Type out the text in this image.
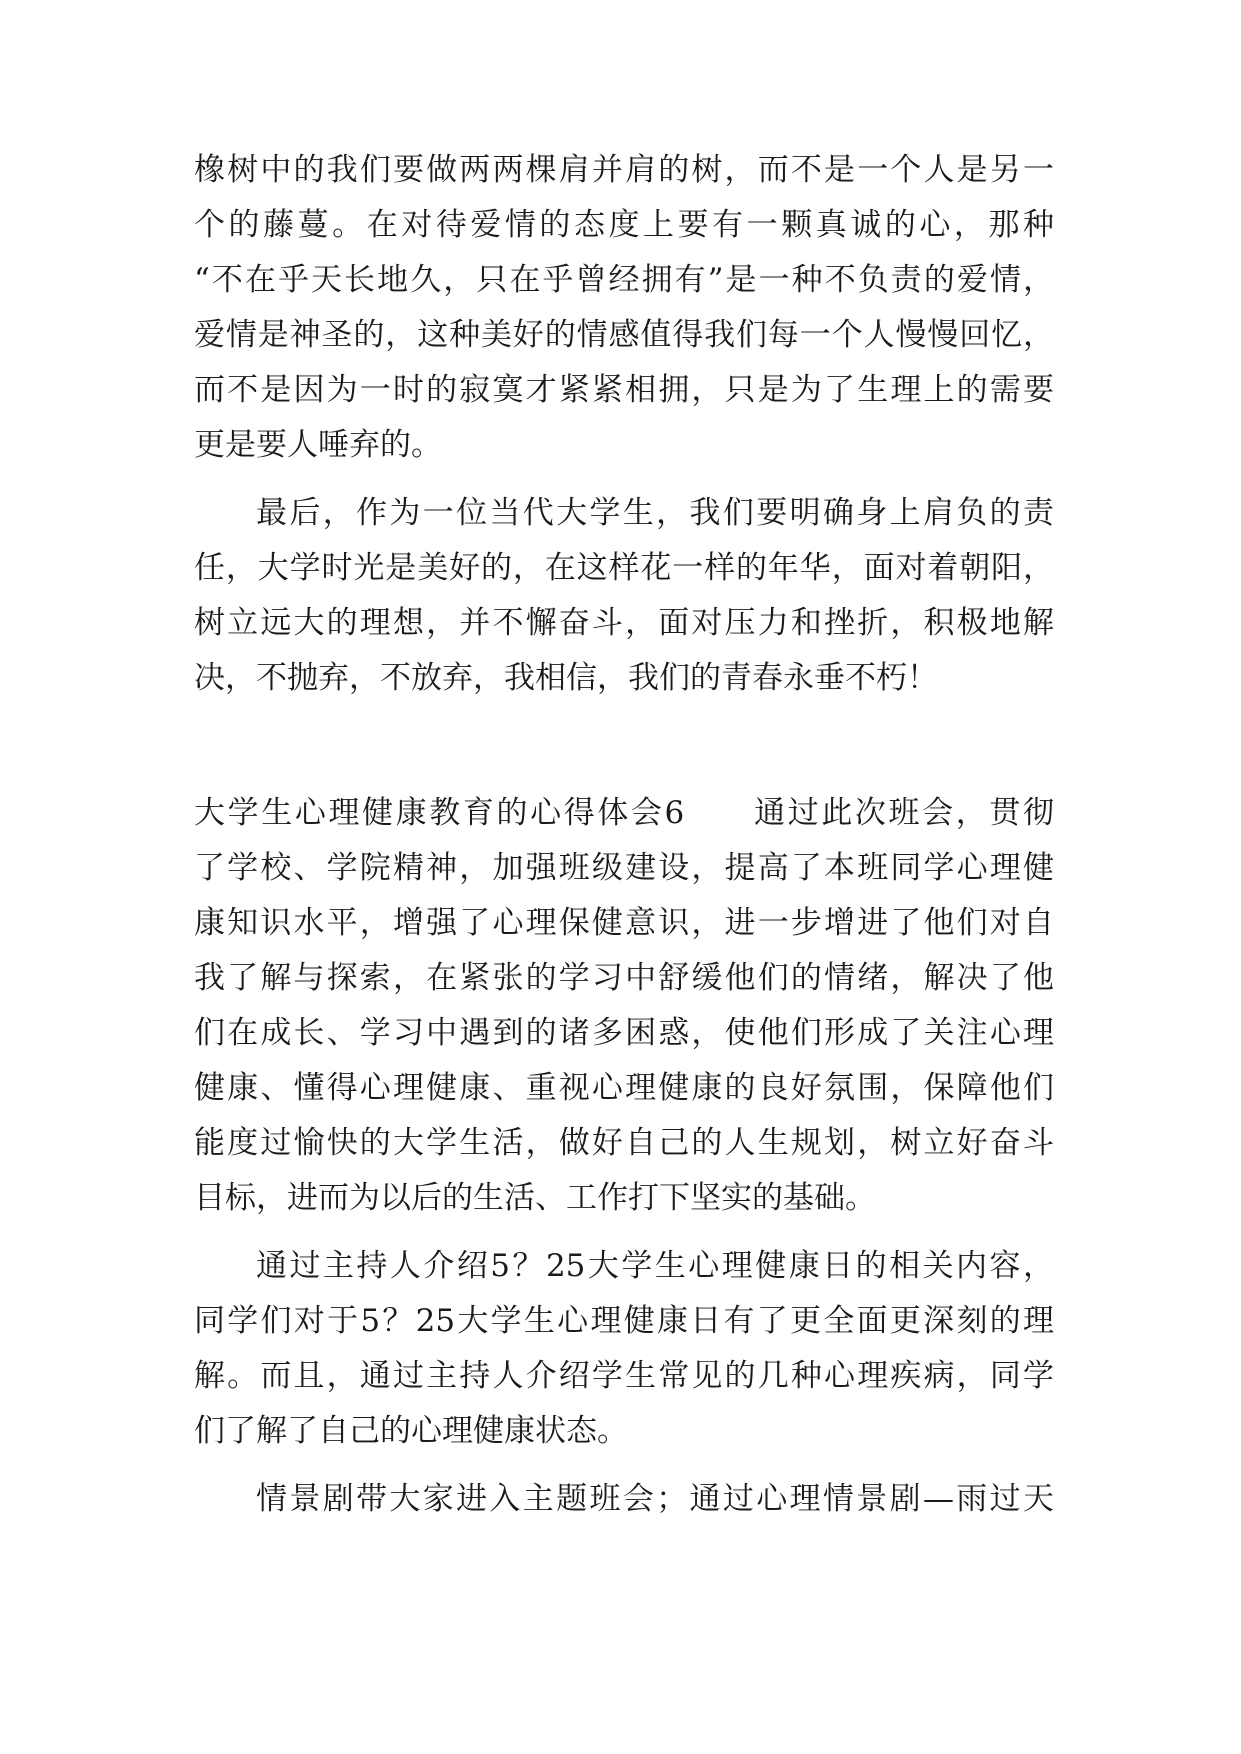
橡树中的我们要做两两棵肩并肩的树，而不是一个人是另一
个的藤蔓。在对待爱情的态度上要有一颗真诚的心，那种
“不在乎天长地久，只在乎曾经拥有”是一种不负责的爱情，
爱情是神圣的，这种美好的情感值得我们每一个人慢慢回忆，
而不是因为一时的寂寞才紧紧相拥，只是为了生理上的需要
更是要人唾弃的。
最后，作为一位当代大学生，我们要明确身上肩负的责
任，大学时光是美好的，在这样花一样的年华，面对着朝阳，
树立远大的理想，并不懈奋斗，面对压力和挫折，积极地解
决，不抛弃，不放弃，我相信，我们的青春永垂不朽！
大学生心理健康教育的心得体会6　　通过此次班会，贯彻
了学校、学院精神，加强班级建设，提高了本班同学心理健
康知识水平，增强了心理保健意识，进一步增进了他们对自
我了解与探索，在紧张的学习中舒缓他们的情绪，解决了他
们在成长、学习中遇到的诸多困惑，使他们形成了关注心理
健康、懂得心理健康、重视心理健康的良好氛围，保障他们
能度过愉快的大学生活，做好自己的人生规划，树立好奋斗
目标，进而为以后的生活、工作打下坚实的基础。
通过主持人介绍5？25大学生心理健康日的相关内容，
同学们对于5？25大学生心理健康日有了更全面更深刻的理
解。而且，通过主持人介绍学生常见的几种心理疾病，同学
们了解了自己的心理健康状态。
情景剧带大家进入主题班会；通过心理情景剧—雨过天
